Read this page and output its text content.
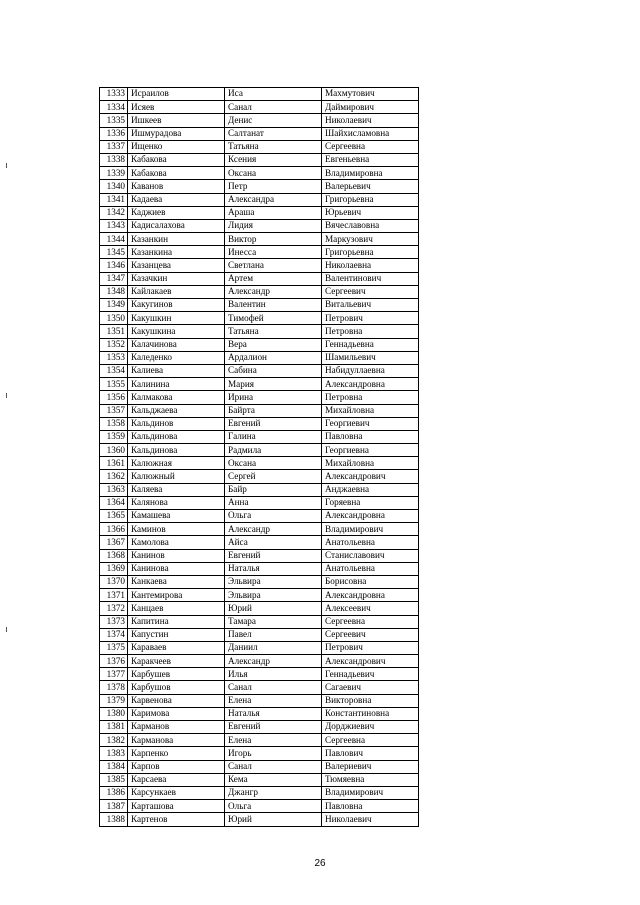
1333	Исраилов	Иса	Махмутович
1334	Исяев	Санал	Даймирович
1335	Ишкеев	Денис	Николаевич
1336	Ишмурадова	Салтанат	Шайхисламовна
1337	Ищенко	Татьяна	Сергеевна
1338	Кабакова	Ксения	Евгеньевна
1339	Кабакова	Оксана	Владимировна
1340	Каванов	Петр	Валерьевич
1341	Кадаева	Александра	Григорьевна
1342	Каджиев	Араша	Юрьевич
1343	Кадисалахова	Лидия	Вячеславовна
1344	Казанкин	Виктор	Маркузович
1345	Казанкина	Инесса	Григорьевна
1346	Казанцева	Светлана	Николаевна
1347	Казачкин	Артем	Валентинович
1348	Кайлакаев	Александр	Сергеевич
1349	Какугинов	Валентин	Витальевич
1350	Какушкин	Тимофей	Петрович
1351	Какушкина	Татьяна	Петровна
1352	Калачинова	Вера	Геннадьевна
1353	Каледенко	Ардалион	Шамильевич
1354	Калиева	Сабина	Набидуллаевна
1355	Калинина	Мария	Александровна
1356	Калмакова	Ирина	Петровна
1357	Кальджаева	Байрта	Михайловна
1358	Кальдинов	Евгений	Георгиевич
1359	Кальдинова	Галина	Павловна
1360	Кальдинова	Радмила	Георгиевна
1361	Калюжная	Оксана	Михайловна
1362	Калюжный	Сергей	Александрович
1363	Каляева	Байр	Анджаевна
1364	Калянова	Анна	Горяевна
1365	Камашева	Ольга	Александровна
1366	Каминов	Александр	Владимирович
1367	Камолова	Айса	Анатольевна
1368	Канинов	Евгений	Станиславович
1369	Канинова	Наталья	Анатольевна
1370	Канкаева	Эльвира	Борисовна
1371	Кантемирова	Эльвира	Александровна
1372	Канцаев	Юрий	Алексеевич
1373	Капитина	Тамара	Сергеевна
1374	Капустин	Павел	Сергеевич
1375	Караваев	Даниил	Петрович
1376	Каракчеев	Александр	Александрович
1377	Карбушев	Илья	Геннадьевич
1378	Карбушов	Санал	Сагаевич
1379	Карвенова	Елена	Викторовна
1380	Каримова	Наталья	Константиновна
1381	Карманов	Евгений	Дорджиевич
1382	Карманова	Елена	Сергеевна
1383	Карпенко	Игорь	Павлович
1384	Карпов	Санал	Валериевич
1385	Карсаева	Кема	Тюмяевна
1386	Карсункаев	Джангр	Владимирович
1387	Карташова	Ольга	Павловна
1388	Картенов	Юрий	Николаевич
26
